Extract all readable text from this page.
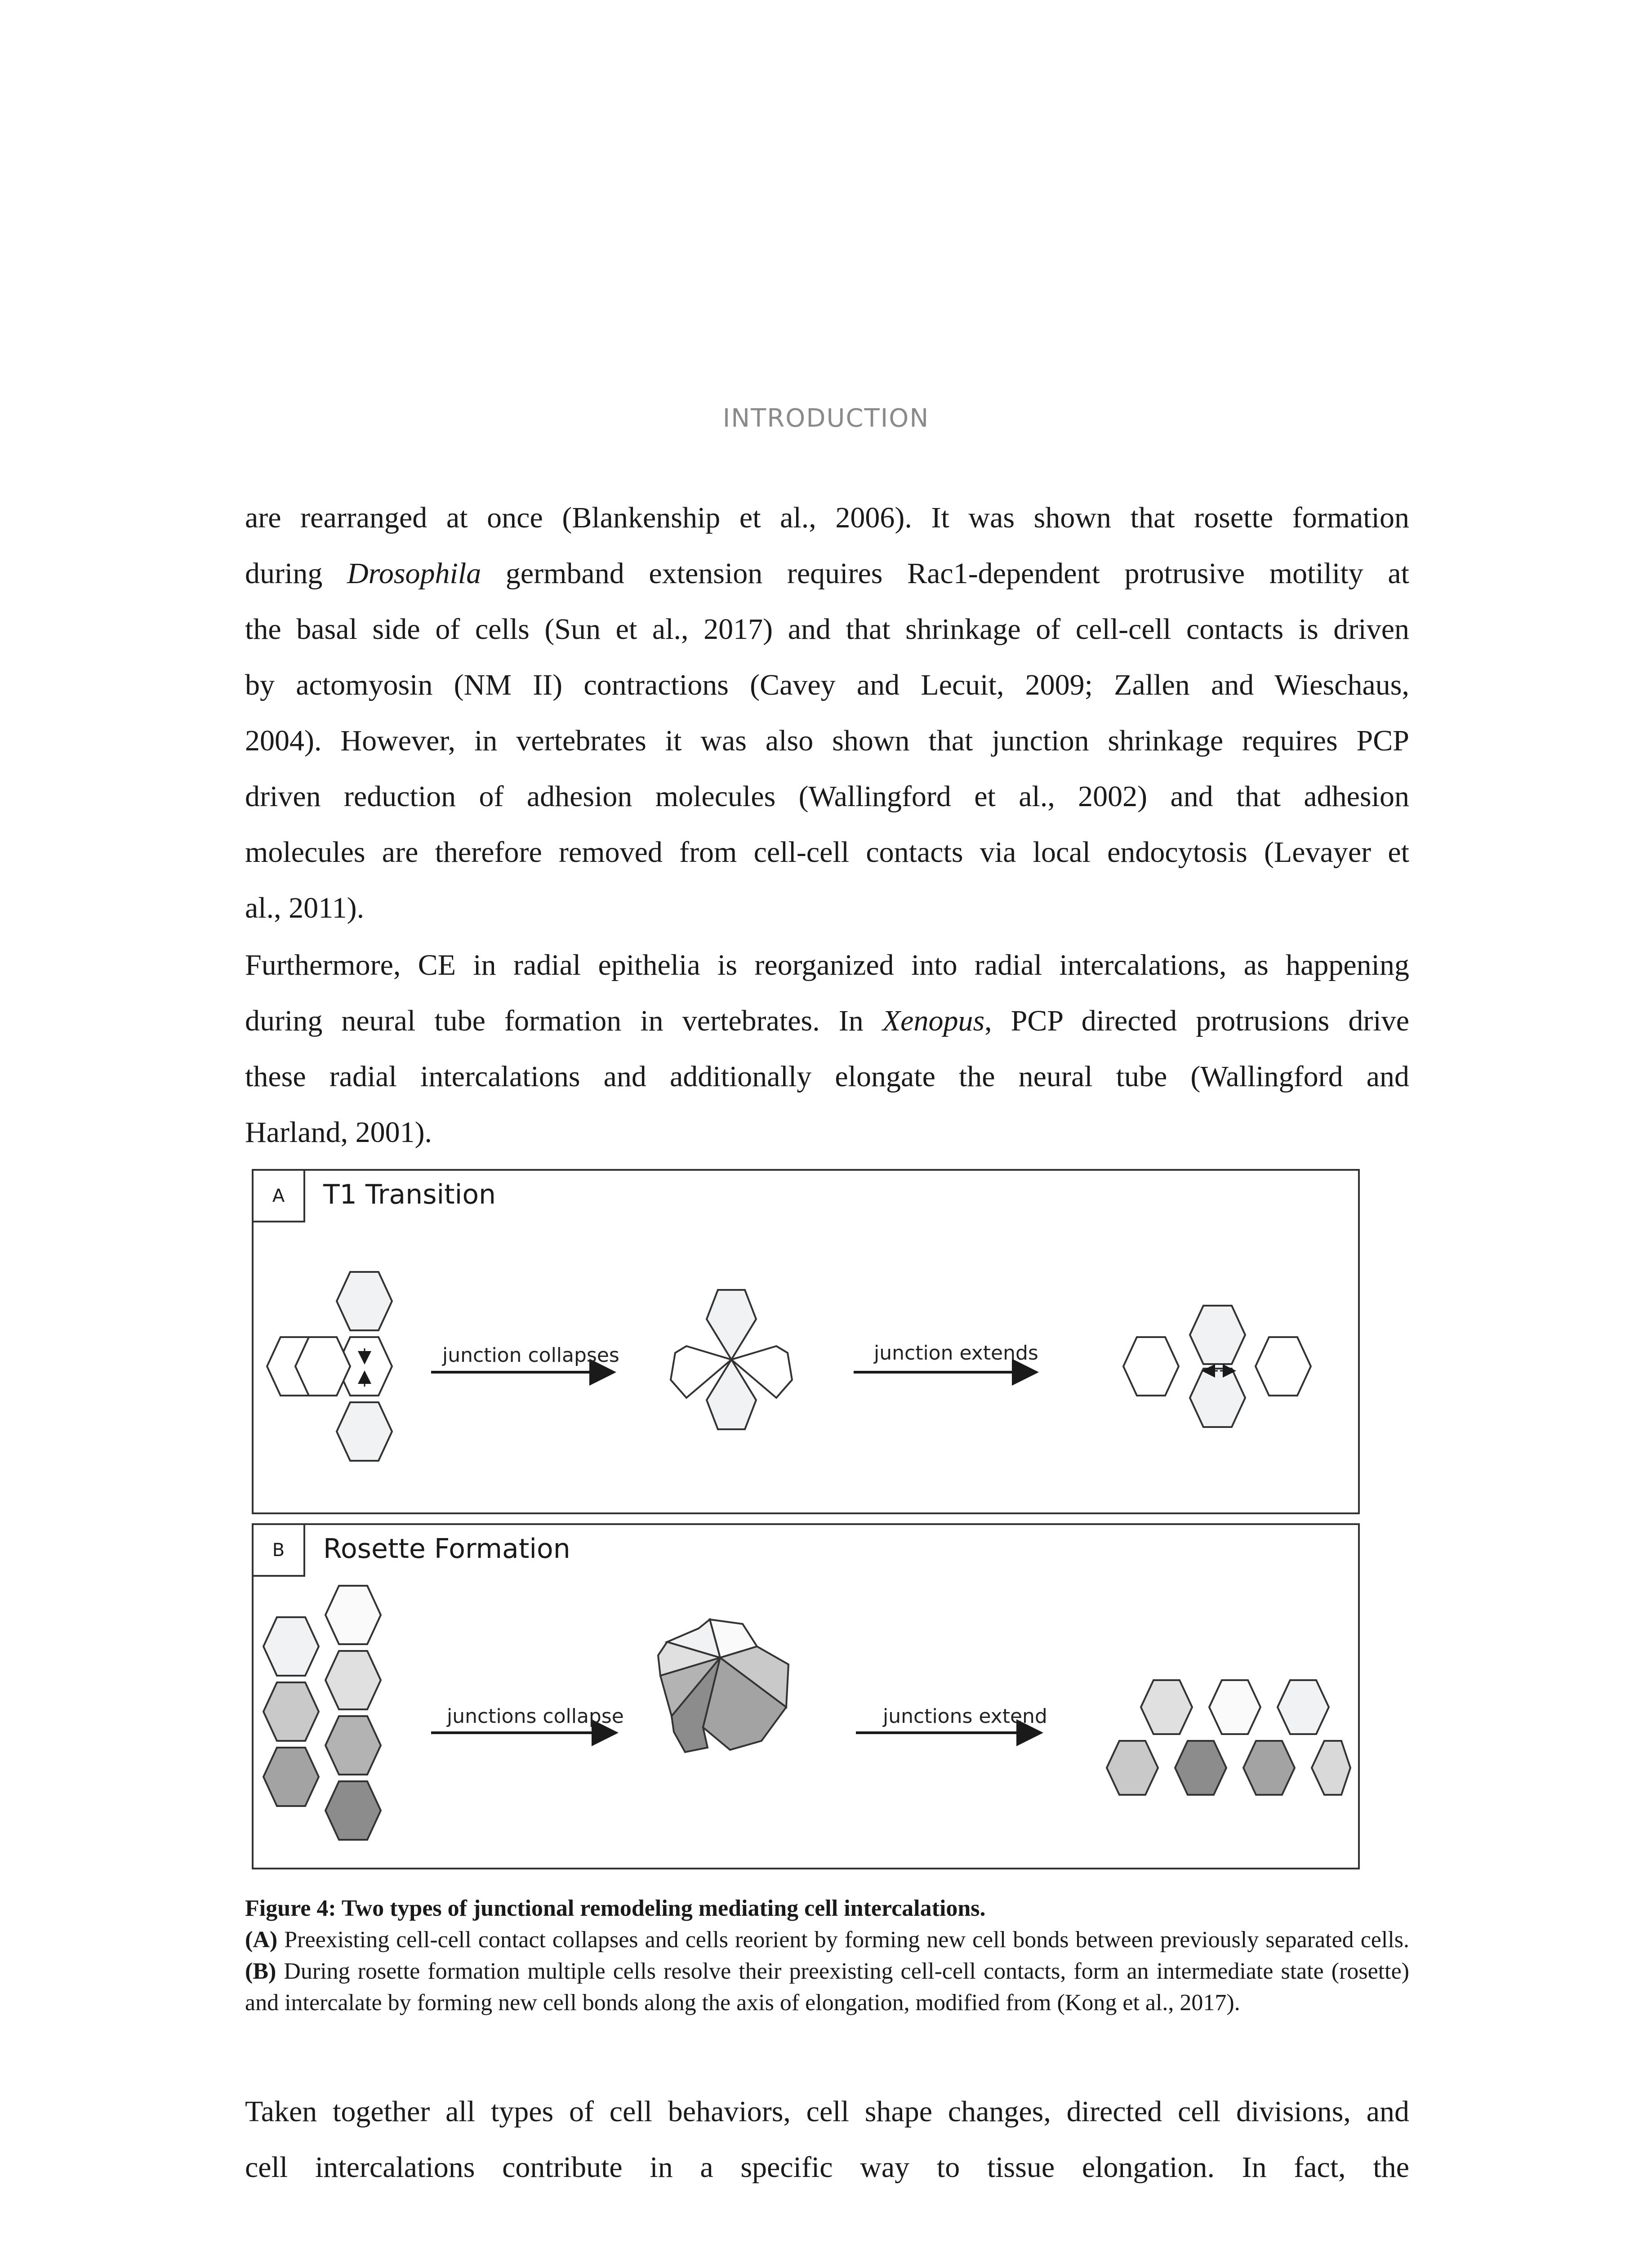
INTRODUCTION
are rearranged at once (Blankenship et al., 2006). It was shown that rosette formation
during Drosophila germband extension requires Rac1-dependent protrusive motility at
the basal side of cells (Sun et al., 2017) and that shrinkage of cell-cell contacts is driven
by actomyosin (NM II) contractions (Cavey and Lecuit, 2009; Zallen and Wieschaus,
2004). However, in vertebrates it was also shown that junction shrinkage requires PCP
driven reduction of adhesion molecules (Wallingford et al., 2002) and that adhesion
molecules are therefore removed from cell-cell contacts via local endocytosis (Levayer et
al., 2011).
Furthermore, CE in radial epithelia is reorganized into radial intercalations, as happening
during neural tube formation in vertebrates. In Xenopus, PCP directed protrusions drive
these radial intercalations and additionally elongate the neural tube (Wallingford and
Harland, 2001).
A	T1 Transition
junction collapses	junction extends
B	Rosette Formation
junctions collapse	junctions extend
Figure 4: Two types of junctional remodeling mediating cell intercalations.
(A) Preexisting cell-cell contact collapses and cells reorient by forming new cell bonds between previously separated cells. (B) During rosette formation multiple cells resolve their preexisting cell-cell contacts, form an intermediate state (rosette) and intercalate by forming new cell bonds along the axis of elongation, modified from (Kong et al., 2017).
Taken together all types of cell behaviors, cell shape changes, directed cell divisions, and
cell intercalations contribute in a specific way to tissue elongation. In fact, the
